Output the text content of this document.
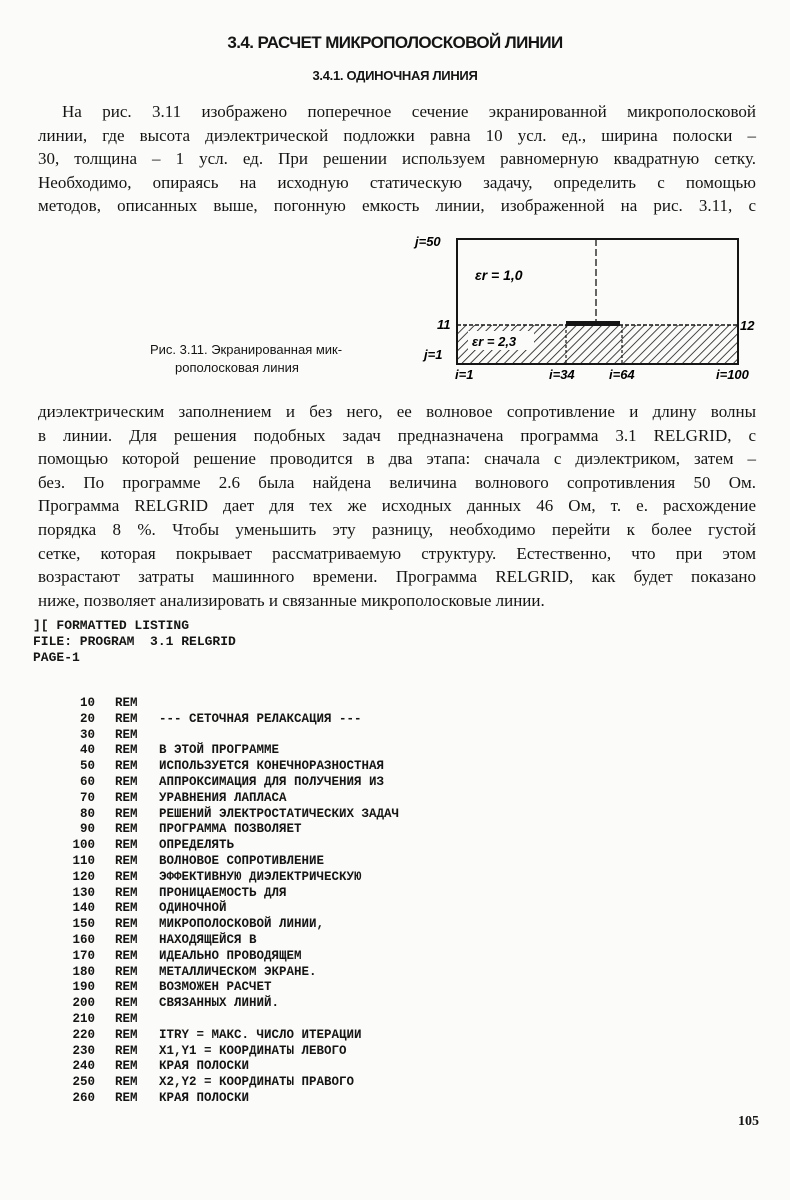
3.4. РАСЧЕТ МИКРОПОЛОСКОВОЙ ЛИНИИ
3.4.1. ОДИНОЧНАЯ ЛИНИЯ
На рис. 3.11 изображено поперечное сечение экранированной микрополосковой
линии, где высота диэлектрической подложки равна 10 усл. ед., ширина полоски –
30, толщина – 1 усл. ед. При решении используем равномерную квадратную сетку.
Необходимо, опираясь на исходную статическую задачу, определить с помощью
методов, описанных выше, погонную емкость линии, изображенной на рис. 3.11, с
Рис. 3.11. Экранированная мик-
рополосковая линия
j=50
εr = 1,0
11	12
εr = 2,3
j=1
i=1	i=34	i=64	i=100
диэлектрическим заполнением и без него, ее волновое сопротивление и длину волны
в линии. Для решения подобных задач предназначена программа 3.1 RELGRID, с
помощью которой решение проводится в два этапа: сначала с диэлектриком, затем –
без. По программе 2.6 была найдена величина волнового сопротивления 50 Ом.
Программа RELGRID дает для тех же исходных данных 46 Ом, т. е. расхождение
порядка 8 %. Чтобы уменьшить эту разницу, необходимо перейти к более густой
сетке, которая покрывает рассматриваемую структуру. Естественно, что при этом
возрастают затраты машинного времени. Программа RELGRID, как будет показано
ниже, позволяет анализировать и связанные микрополосковые линии.
][ FORMATTED LISTING
FILE: PROGRAM  3.1 RELGRID
PAGE-1
10	REM
20	REM	--- СЕТОЧНАЯ РЕЛАКСАЦИЯ ---
30	REM
40	REM	В ЭТОЙ ПРОГРАММЕ
50	REM	ИСПОЛЬЗУЕТСЯ КОНЕЧНОРАЗНОСТНАЯ
60	REM	АППРОКСИМАЦИЯ ДЛЯ ПОЛУЧЕНИЯ ИЗ
70	REM	УРАВНЕНИЯ ЛАПЛАСА
80	REM	РЕШЕНИЙ ЭЛЕКТРОСТАТИЧЕСКИХ ЗАДАЧ
90	REM	ПРОГРАММА ПОЗВОЛЯЕТ
100	REM	ОПРЕДЕЛЯТЬ
110	REM	ВОЛНОВОЕ СОПРОТИВЛЕНИЕ
120	REM	ЭФФЕКТИВНУЮ ДИЭЛЕКТРИЧЕСКУЮ
130	REM	ПРОНИЦАЕМОСТЬ ДЛЯ
140	REM	ОДИНОЧНОЙ
150	REM	МИКРОПОЛОСКОВОЙ ЛИНИИ,
160	REM	НАХОДЯЩЕЙСЯ В
170	REM	ИДЕАЛЬНО ПРОВОДЯЩЕМ
180	REM	МЕТАЛЛИЧЕСКОМ ЭКРАНЕ.
190	REM	ВОЗМОЖЕН РАСЧЕТ
200	REM	СВЯЗАННЫХ ЛИНИЙ.
210	REM
220	REM	ITRY = МАКС. ЧИСЛО ИТЕРАЦИИ
230	REM	X1,Y1 = КООРДИНАТЫ ЛЕВОГО
240	REM	КРАЯ ПОЛОСКИ
250	REM	X2,Y2 = КООРДИНАТЫ ПРАВОГО
260	REM	КРАЯ ПОЛОСКИ
105
